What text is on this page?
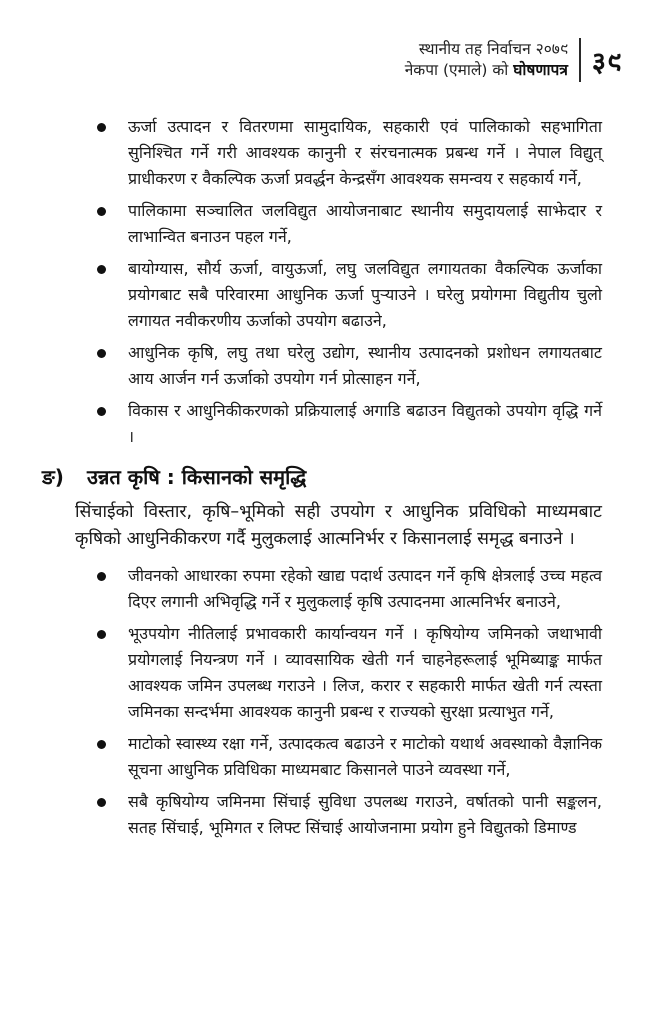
स्थानीय तह निर्वाचन २०७९
नेकपा (एमाले) को घोषणापत्र ३९
ऊर्जा उत्पादन र वितरणमा सामुदायिक, सहकारी एवं पालिकाको सहभागिता सुनिश्चित गर्ने गरी आवश्यक कानुनी र संरचनात्मक प्रबन्ध गर्ने । नेपाल विद्युत् प्राधीकरण र वैकल्पिक ऊर्जा प्रवर्द्धन केन्द्रसँग आवश्यक समन्वय र सहकार्य गर्ने,
पालिकामा सञ्चालित जलविद्युत आयोजनाबाट स्थानीय समुदायलाई साझेदार र लाभान्वित बनाउन पहल गर्ने,
बायोग्यास, सौर्य ऊर्जा, वायुऊर्जा, लघु जलविद्युत लगायतका वैकल्पिक ऊर्जाका प्रयोगबाट सबै परिवारमा आधुनिक ऊर्जा पुऱ्याउने । घरेलु प्रयोगमा विद्युतीय चुलो लगायत नवीकरणीय ऊर्जाको उपयोग बढाउने,
आधुनिक कृषि, लघु तथा घरेलु उद्योग, स्थानीय उत्पादनको प्रशोधन लगायतबाट आय आर्जन गर्न ऊर्जाको उपयोग गर्न प्रोत्साहन गर्ने,
विकास र आधुनिकीकरणको प्रक्रियालाई अगाडि बढाउन विद्युतको उपयोग वृद्धि गर्ने ।
ङ)	उन्नत कृषि : किसानको समृद्धि

सिंचाईको विस्तार, कृषि–भूमिको सही उपयोग र आधुनिक प्रविधिको माध्यमबाट कृषिको आधुनिकीकरण गर्दै मुलुकलाई आत्मनिर्भर र किसानलाई समृद्ध बनाउने ।

जीवनको आधारका रुपमा रहेको खाद्य पदार्थ उत्पादन गर्ने कृषि क्षेत्रलाई उच्च महत्व दिएर लगानी अभिवृद्धि गर्ने र मुलुकलाई कृषि उत्पादनमा आत्मनिर्भर बनाउने,
भूउपयोग नीतिलाई प्रभावकारी कार्यान्वयन गर्ने । कृषियोग्य जमिनको जथाभावी प्रयोगलाई नियन्त्रण गर्ने । व्यावसायिक खेती गर्न चाहनेहरूलाई भूमिब्याङ्क मार्फत आवश्यक जमिन उपलब्ध गराउने । लिज, करार र सहकारी मार्फत खेती गर्न त्यस्ता जमिनका सन्दर्भमा आवश्यक कानुनी प्रबन्ध र राज्यको सुरक्षा प्रत्याभुत गर्ने,
माटोको स्वास्थ्य रक्षा गर्ने, उत्पादकत्व बढाउने र माटोको यथार्थ अवस्थाको वैज्ञानिक सूचना आधुनिक प्रविधिका माध्यमबाट किसानले पाउने व्यवस्था गर्ने,
सबै कृषियोग्य जमिनमा सिंचाई सुविधा उपलब्ध गराउने, वर्षातको पानी सङ्कलन, सतह सिंचाई, भूमिगत र लिफ्ट सिंचाई आयोजनामा प्रयोग हुने विद्युतको डिमाण्ड
